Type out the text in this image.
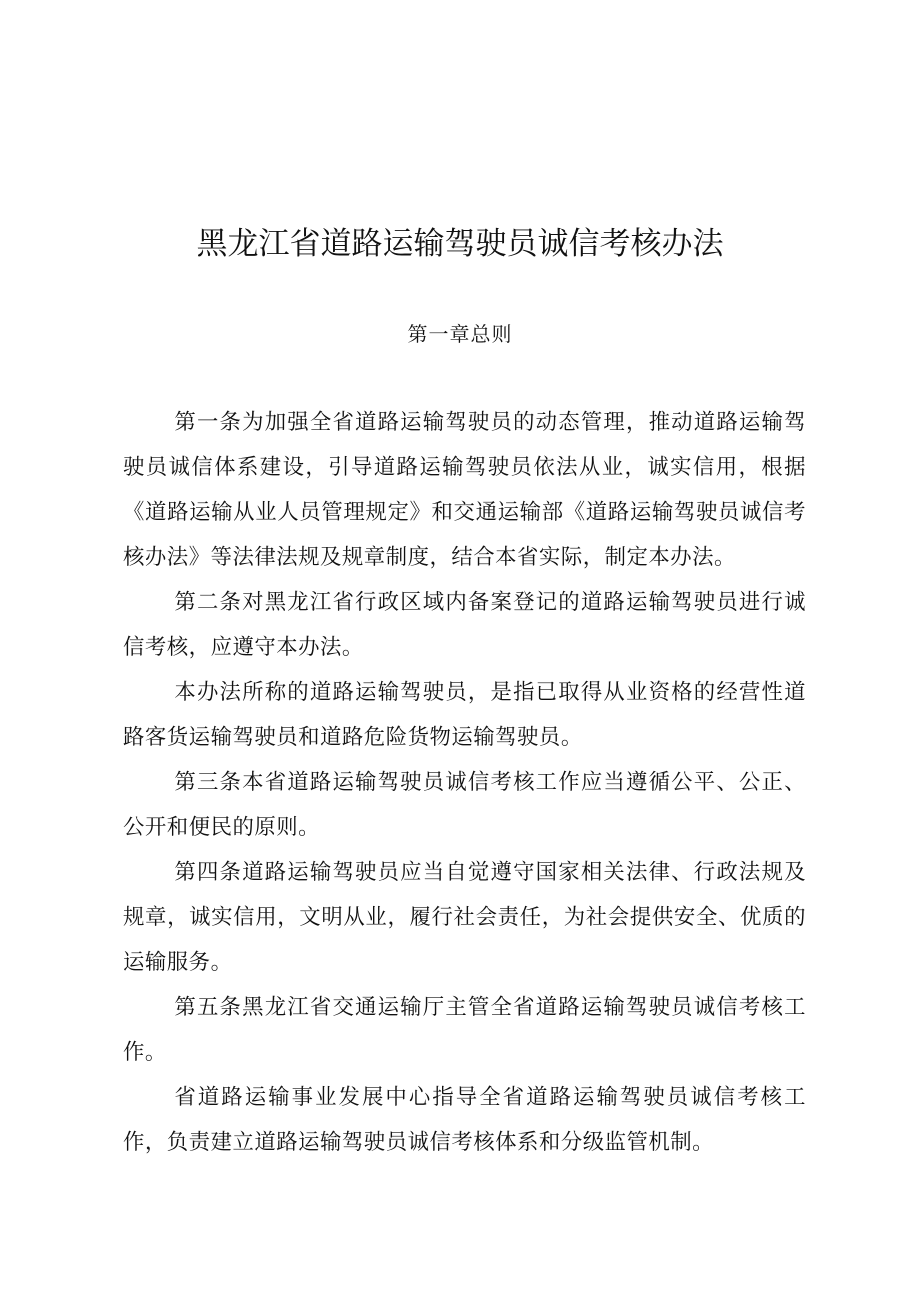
黑龙江省道路运输驾驶员诚信考核办法
第一章总则

第一条为加强全省道路运输驾驶员的动态管理，推动道路运输驾驶员诚信体系建设，引导道路运输驾驶员依法从业，诚实信用，根据《道路运输从业人员管理规定》和交通运输部《道路运输驾驶员诚信考核办法》等法律法规及规章制度，结合本省实际，制定本办法。

第二条对黑龙江省行政区域内备案登记的道路运输驾驶员进行诚信考核，应遵守本办法。

本办法所称的道路运输驾驶员，是指已取得从业资格的经营性道路客货运输驾驶员和道路危险货物运输驾驶员。

第三条本省道路运输驾驶员诚信考核工作应当遵循公平、公正、公开和便民的原则。

第四条道路运输驾驶员应当自觉遵守国家相关法律、行政法规及规章，诚实信用，文明从业，履行社会责任，为社会提供安全、优质的运输服务。

第五条黑龙江省交通运输厅主管全省道路运输驾驶员诚信考核工作。

省道路运输事业发展中心指导全省道路运输驾驶员诚信考核工作，负责建立道路运输驾驶员诚信考核体系和分级监管机制。
